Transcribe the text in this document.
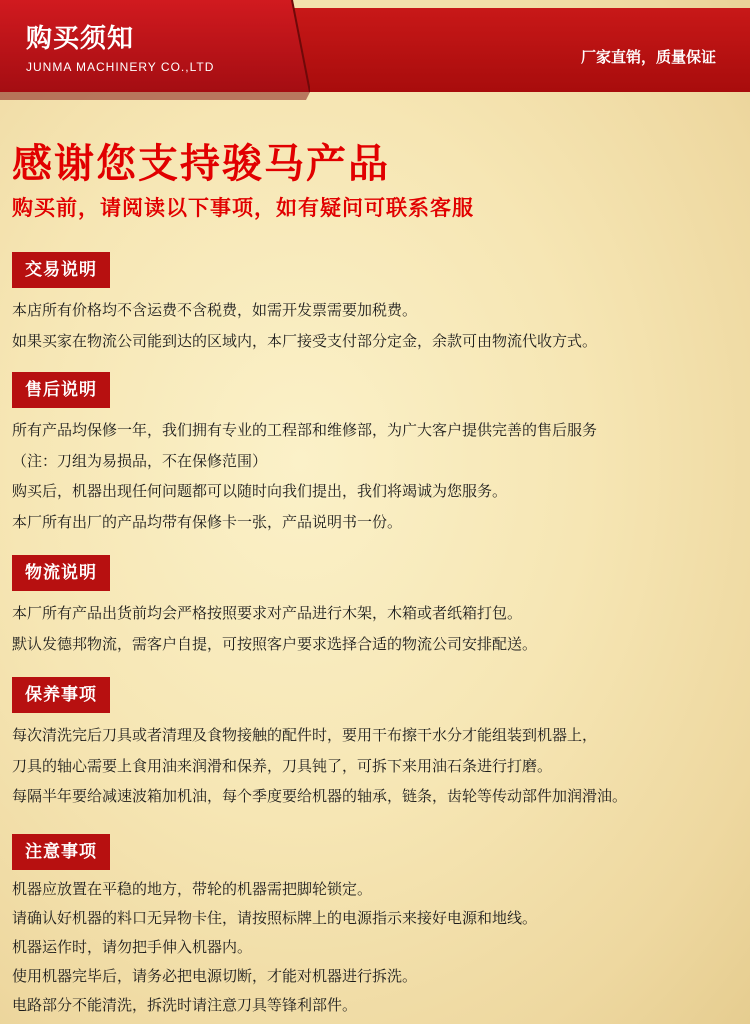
厂家直销，质量保证
购买须知
JUNMA MACHINERY CO.,LTD
感谢您支持骏马产品
购买前，请阅读以下事项，如有疑问可联系客服
交易说明
本店所有价格均不含运费不含税费，如需开发票需要加税费。
如果买家在物流公司能到达的区域内，本厂接受支付部分定金，余款可由物流代收方式。
售后说明
所有产品均保修一年，我们拥有专业的工程部和维修部，为广大客户提供完善的售后服务
（注：刀组为易损品，不在保修范围）
购买后，机器出现任何问题都可以随时向我们提出，我们将竭诚为您服务。
本厂所有出厂的产品均带有保修卡一张，产品说明书一份。
物流说明
本厂所有产品出货前均会严格按照要求对产品进行木架，木箱或者纸箱打包。
默认发德邦物流，需客户自提，可按照客户要求选择合适的物流公司安排配送。
保养事项
每次清洗完后刀具或者清理及食物接触的配件时，要用干布擦干水分才能组装到机器上，
刀具的轴心需要上食用油来润滑和保养，刀具钝了，可拆下来用油石条进行打磨。
每隔半年要给减速波箱加机油，每个季度要给机器的轴承，链条，齿轮等传动部件加润滑油。
注意事项
机器应放置在平稳的地方，带轮的机器需把脚轮锁定。
请确认好机器的料口无异物卡住，请按照标牌上的电源指示来接好电源和地线。
机器运作时，请勿把手伸入机器内。
使用机器完毕后，请务必把电源切断，才能对机器进行拆洗。
电路部分不能清洗，拆洗时请注意刀具等锋利部件。
